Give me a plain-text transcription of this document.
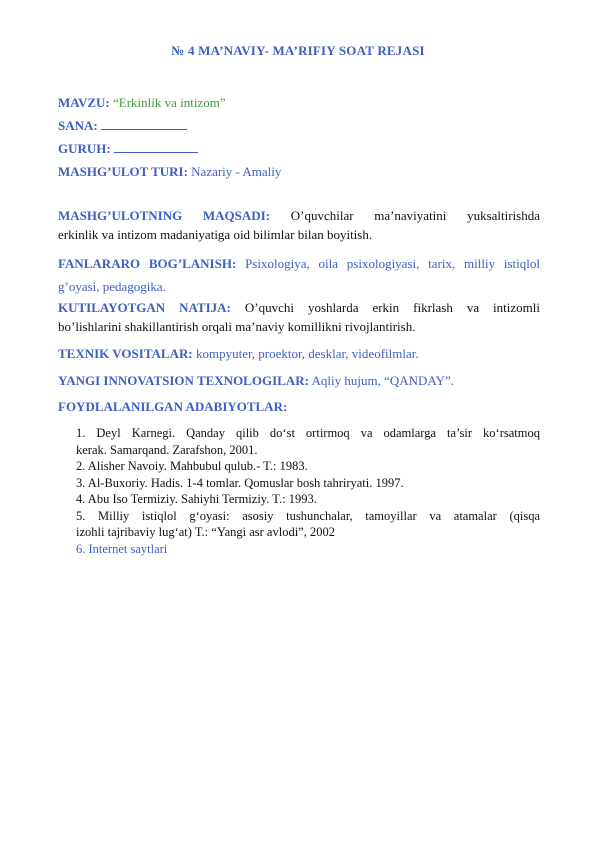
№ 4 MA’NAVIY- MA’RIFIY SOAT REJASI
MAVZU: “Erkinlik va intizom”
SANA:
GURUH:
MASHG’ULOT TURI: Nazariy - Amaliy
MASHG’ULOTNING MAQSADI: O’quvchilar ma’naviyatini yuksaltirishda
erkinlik va intizom madaniyatiga oid bilimlar bilan boyitish.
FANLARARO BOG’LANISH: Psixologiya, oila psixologiyasi, tarix, milliy istiqlol
g’oyasi, pedagogika.
KUTILAYOTGAN NATIJA: O’quvchi yoshlarda erkin fikrlash va intizomli
bo’lishlarini shakillantirish orqali ma’naviy komillikni rivojlantirish.
TEXNIK VOSITALAR: kompyuter, proektor, desklar, videofilmlar.
YANGI INNOVATSION TEXNOLOGILAR: Aqliy hujum, “QANDAY”.
FOYDLALANILGAN ADABIYOTLAR:
1. Deyl Karnegi. Qanday qilib do‘st ortirmoq va odamlarga ta’sir ko‘rsatmoq
kerak. Samarqand. Zarafshon, 2001.
2. Alisher Navoiy. Mahbubul qulub.- T.: 1983.
3. Al-Buxoriy. Hadis. 1-4 tomlar. Qomuslar bosh tahriryati. 1997.
4. Abu Iso Termiziy. Sahiyhi Termiziy. T.: 1993.
5. Milliy istiqlol g‘oyasi: asosiy tushunchalar, tamoyillar va atamalar (qisqa
izohli tajribaviy lug‘at) T.: “Yangi asr avlodi”, 2002
6. Internet saytlari
